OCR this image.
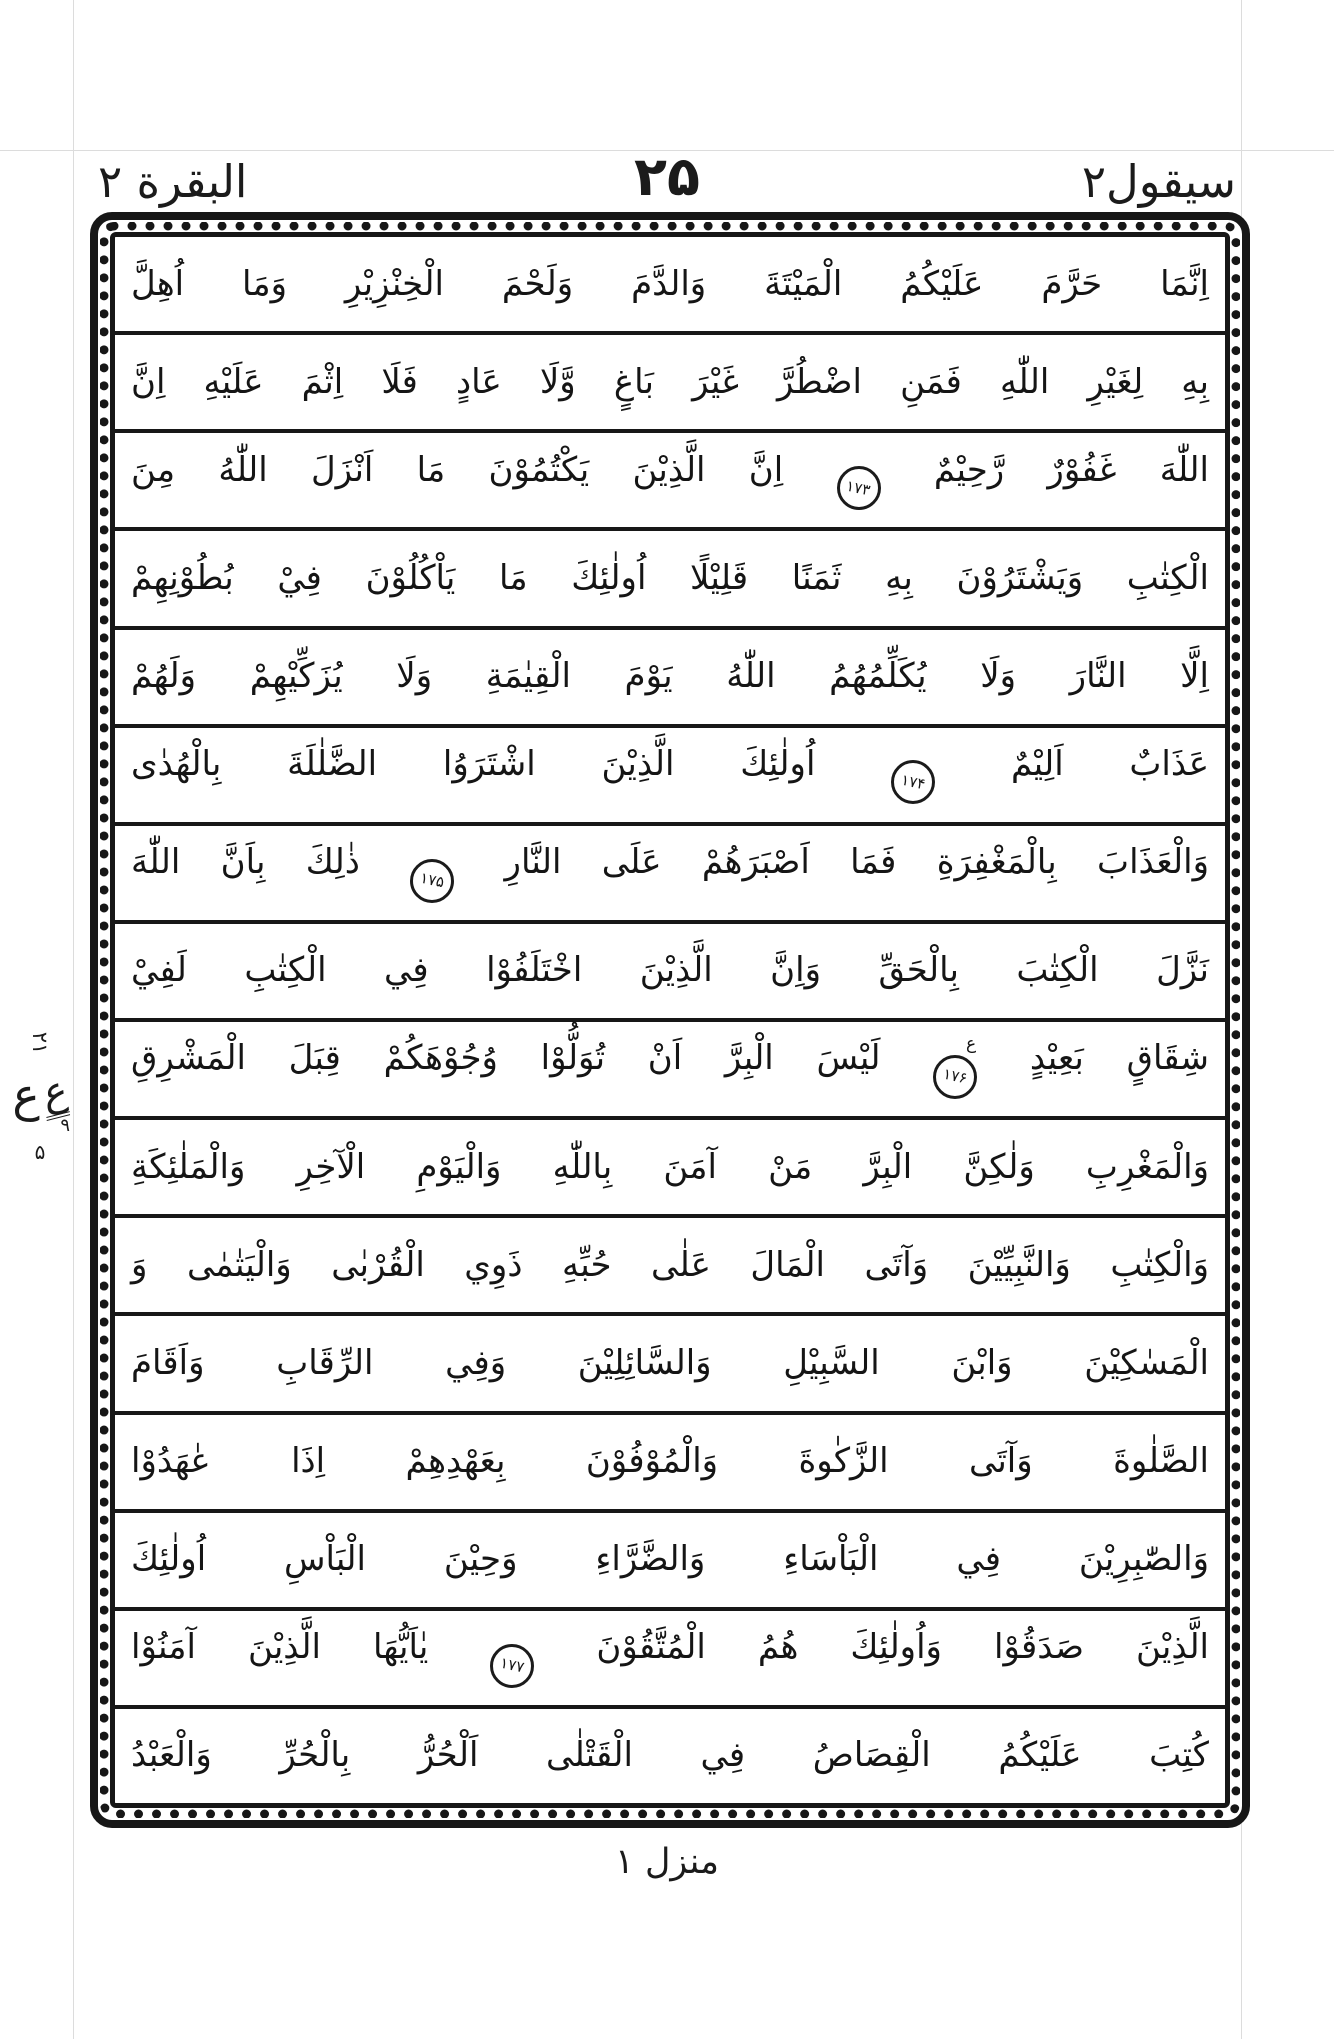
سيقول۲
۲۵
البقرة ۲
اِنَّمَا حَرَّمَ عَلَيْكُمُ الْمَيْتَةَ وَالدَّمَ وَلَحْمَ الْخِنْزِيْرِ وَمَا اُهِلَّ
بِهِ لِغَيْرِ اللّٰهِ فَمَنِ اضْطُرَّ غَيْرَ بَاغٍ وَّلَا عَادٍ فَلَا اِثْمَ عَلَيْهِ اِنَّ
اللّٰهَ غَفُوْرٌ رَّحِيْمٌ
۱۷۳
اِنَّ الَّذِيْنَ يَكْتُمُوْنَ مَا اَنْزَلَ اللّٰهُ مِنَ
الْكِتٰبِ وَيَشْتَرُوْنَ بِهِ ثَمَنًا قَلِيْلًا اُولٰئِكَ مَا يَاْكُلُوْنَ فِيْ بُطُوْنِهِمْ
اِلَّا النَّارَ وَلَا يُكَلِّمُهُمُ اللّٰهُ يَوْمَ الْقِيٰمَةِ وَلَا يُزَكِّيْهِمْ وَلَهُمْ
عَذَابٌ اَلِيْمٌ
۱۷۴
اُولٰئِكَ الَّذِيْنَ اشْتَرَوُا الضَّلٰلَةَ بِالْهُدٰى
وَالْعَذَابَ بِالْمَغْفِرَةِ فَمَا اَصْبَرَهُمْ عَلَى النَّارِ
۱۷۵
ذٰلِكَ بِاَنَّ اللّٰهَ
نَزَّلَ الْكِتٰبَ بِالْحَقِّ وَاِنَّ الَّذِيْنَ اخْتَلَفُوْا فِي الْكِتٰبِ لَفِيْ
شِقَاقٍ بَعِيْدٍ
۱۷۶
ع
لَيْسَ الْبِرَّ اَنْ تُوَلُّوْا وُجُوْهَكُمْ قِبَلَ الْمَشْرِقِ
وَالْمَغْرِبِ وَلٰكِنَّ الْبِرَّ مَنْ آمَنَ بِاللّٰهِ وَالْيَوْمِ الْآخِرِ وَالْمَلٰئِكَةِ
وَالْكِتٰبِ وَالنَّبِيِّيْنَ وَآتَى الْمَالَ عَلٰى حُبِّهِ ذَوِي الْقُرْبٰى وَالْيَتٰمٰى وَ
الْمَسٰكِيْنَ وَابْنَ السَّبِيْلِ وَالسَّائِلِيْنَ وَفِي الرِّقَابِ وَاَقَامَ
الصَّلٰوةَ وَآتَى الزَّكٰوةَ وَالْمُوْفُوْنَ بِعَهْدِهِمْ اِذَا عٰهَدُوْا
وَالصّٰبِرِيْنَ فِي الْبَاْسَاءِ وَالضَّرَّاءِ وَحِيْنَ الْبَاْسِ اُولٰئِكَ
الَّذِيْنَ صَدَقُوْا وَاُولٰئِكَ هُمُ الْمُتَّقُوْنَ
۱۷۷
يٰاَيُّهَا الَّذِيْنَ آمَنُوْا
كُتِبَ عَلَيْكُمُ الْقِصَاصُ فِي الْقَتْلٰى اَلْحُرُّ بِالْحُرِّ وَالْعَبْدُ
۲۱
ع
ع
۹
۵
منزل ۱
